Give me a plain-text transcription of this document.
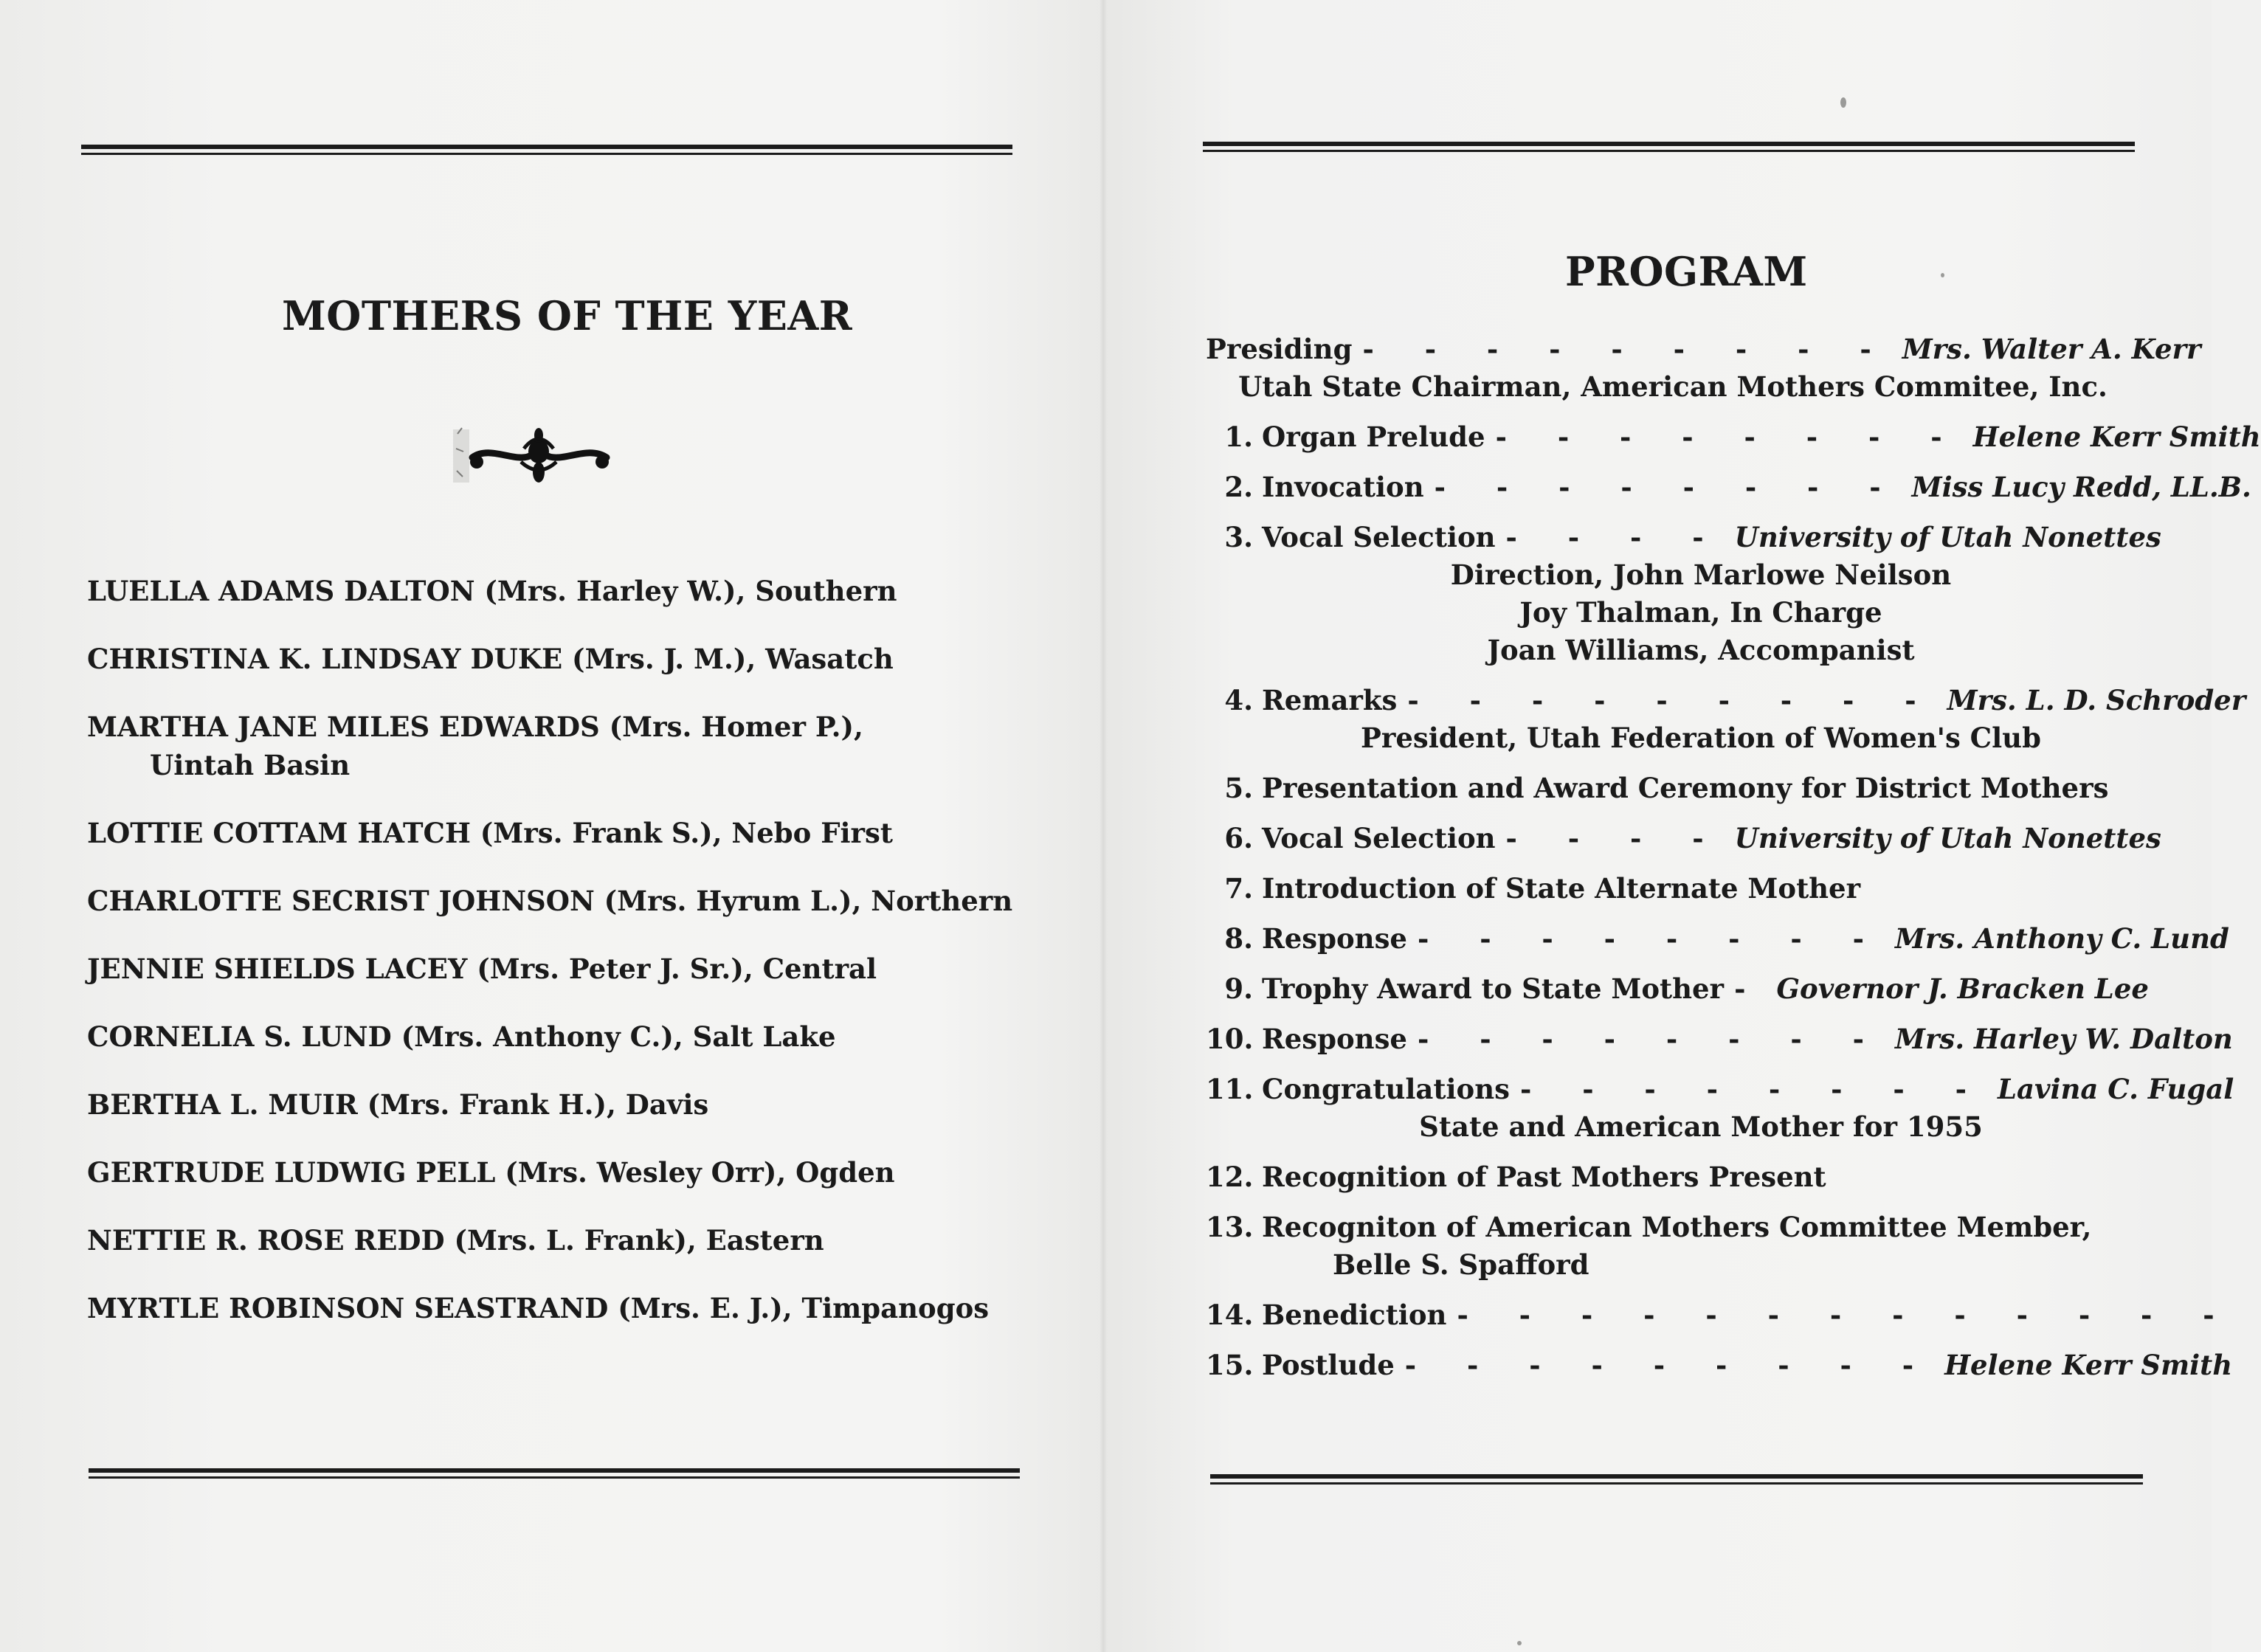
MOTHERS OF THE YEAR
LUELLA ADAMS DALTON (Mrs. Harley W.), Southern
CHRISTINA K. LINDSAY DUKE (Mrs. J. M.), Wasatch
MARTHA JANE MILES EDWARDS (Mrs. Homer P.),
Uintah Basin
LOTTIE COTTAM HATCH (Mrs. Frank S.), Nebo First
CHARLOTTE SECRIST JOHNSON (Mrs. Hyrum L.), Northern
JENNIE SHIELDS LACEY (Mrs. Peter J. Sr.), Central
CORNELIA S. LUND (Mrs. Anthony C.), Salt Lake
BERTHA L. MUIR (Mrs. Frank H.), Davis
GERTRUDE LUDWIG PELL (Mrs. Wesley Orr), Ogden
NETTIE R. ROSE REDD (Mrs. L. Frank), Eastern
MYRTLE ROBINSON SEASTRAND (Mrs. E. J.), Timpanogos
PROGRAM
Presiding - - - - - - - - - Mrs. Walter A. Kerr
Utah State Chairman, American Mothers Commitee, Inc.
1. Organ Prelude - - - - - - - - Helene Kerr Smith
2. Invocation - - - - - - - - Miss Lucy Redd, LL.B.
3. Vocal Selection - - - - University of Utah Nonettes
Direction, John Marlowe Neilson
Joy Thalman, In Charge
Joan Williams, Accompanist
4. Remarks - - - - - - - - - Mrs. L. D. Schroder
President, Utah Federation of Women's Club
5. Presentation and Award Ceremony for District Mothers
6. Vocal Selection - - - - University of Utah Nonettes
7. Introduction of State Alternate Mother
8. Response - - - - - - - - Mrs. Anthony C. Lund
9. Trophy Award to State Mother - Governor J. Bracken Lee
10. Response - - - - - - - - Mrs. Harley W. Dalton
11. Congratulations - - - - - - - - Lavina C. Fugal
State and American Mother for 1955
12. Recognition of Past Mothers Present
13. Recogniton of American Mothers Committee Member,
Belle S. Spafford
14. Benediction - - - - - - - - - - - - -
15. Postlude - - - - - - - - - Helene Kerr Smith
